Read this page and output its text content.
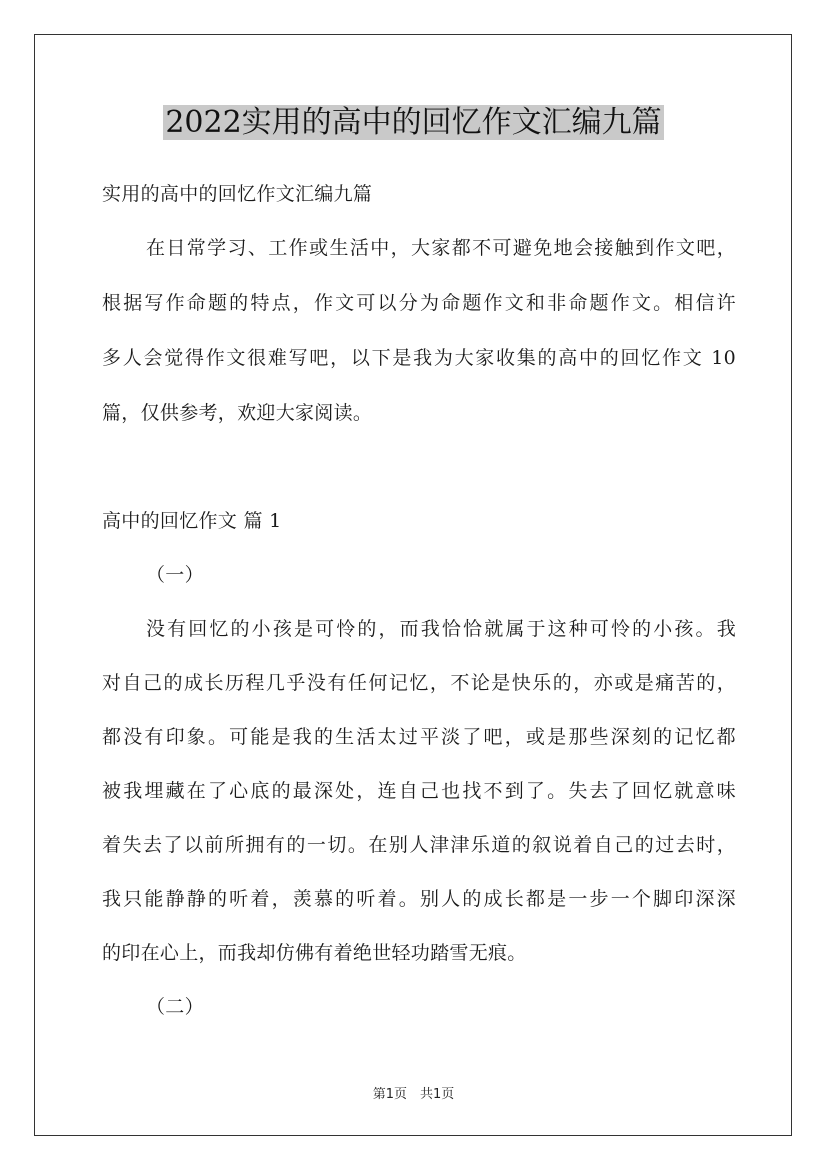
2022实用的高中的回忆作文汇编九篇

实用的高中的回忆作文汇编九篇

在日常学习、工作或生活中，大家都不可避免地会接触到作文吧，

根据写作命题的特点，作文可以分为命题作文和非命题作文。相信许

多人会觉得作文很难写吧，以下是我为大家收集的高中的回忆作文 10

篇，仅供参考，欢迎大家阅读。

高中的回忆作文 篇 1

（一）

没有回忆的小孩是可怜的，而我恰恰就属于这种可怜的小孩。我

对自己的成长历程几乎没有任何记忆，不论是快乐的，亦或是痛苦的，

都没有印象。可能是我的生活太过平淡了吧，或是那些深刻的记忆都

被我埋藏在了心底的最深处，连自己也找不到了。失去了回忆就意味

着失去了以前所拥有的一切。在别人津津乐道的叙说着自己的过去时，

我只能静静的听着，羡慕的听着。别人的成长都是一步一个脚印深深

的印在心上，而我却仿佛有着绝世轻功踏雪无痕。

（二）

第1页　共1页
